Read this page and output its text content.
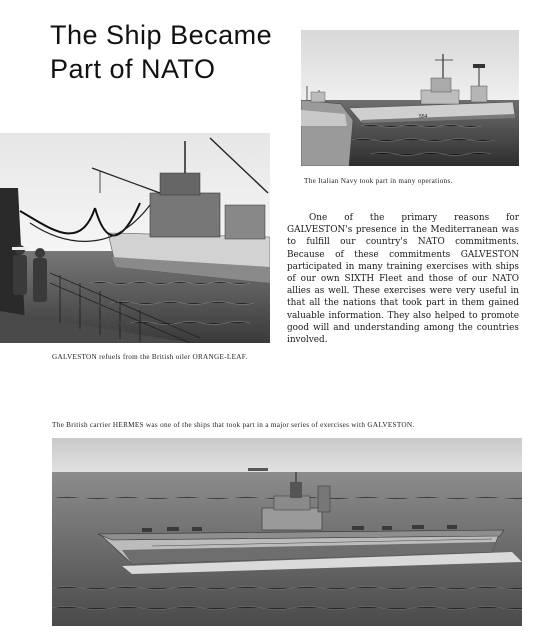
The Ship Became
Part of NATO
554
The Italian Navy took part in many operations.
GALVESTON refuels from the British oiler ORANGE-LEAF.
The British carrier HERMES was one of the ships that took part in a major series of exercises with GALVESTON.
One of the primary reasons for GALVESTON's presence in the Mediterranean was to fulfill our country's NATO commitments. Because of these commitments GALVESTON participated in many training exercises with ships of our own SIXTH Fleet and those of our NATO allies as well. These exercises were very useful in that all the nations that took part in them gained valuable information. They also helped to promote good will and understanding among the countries involved.
